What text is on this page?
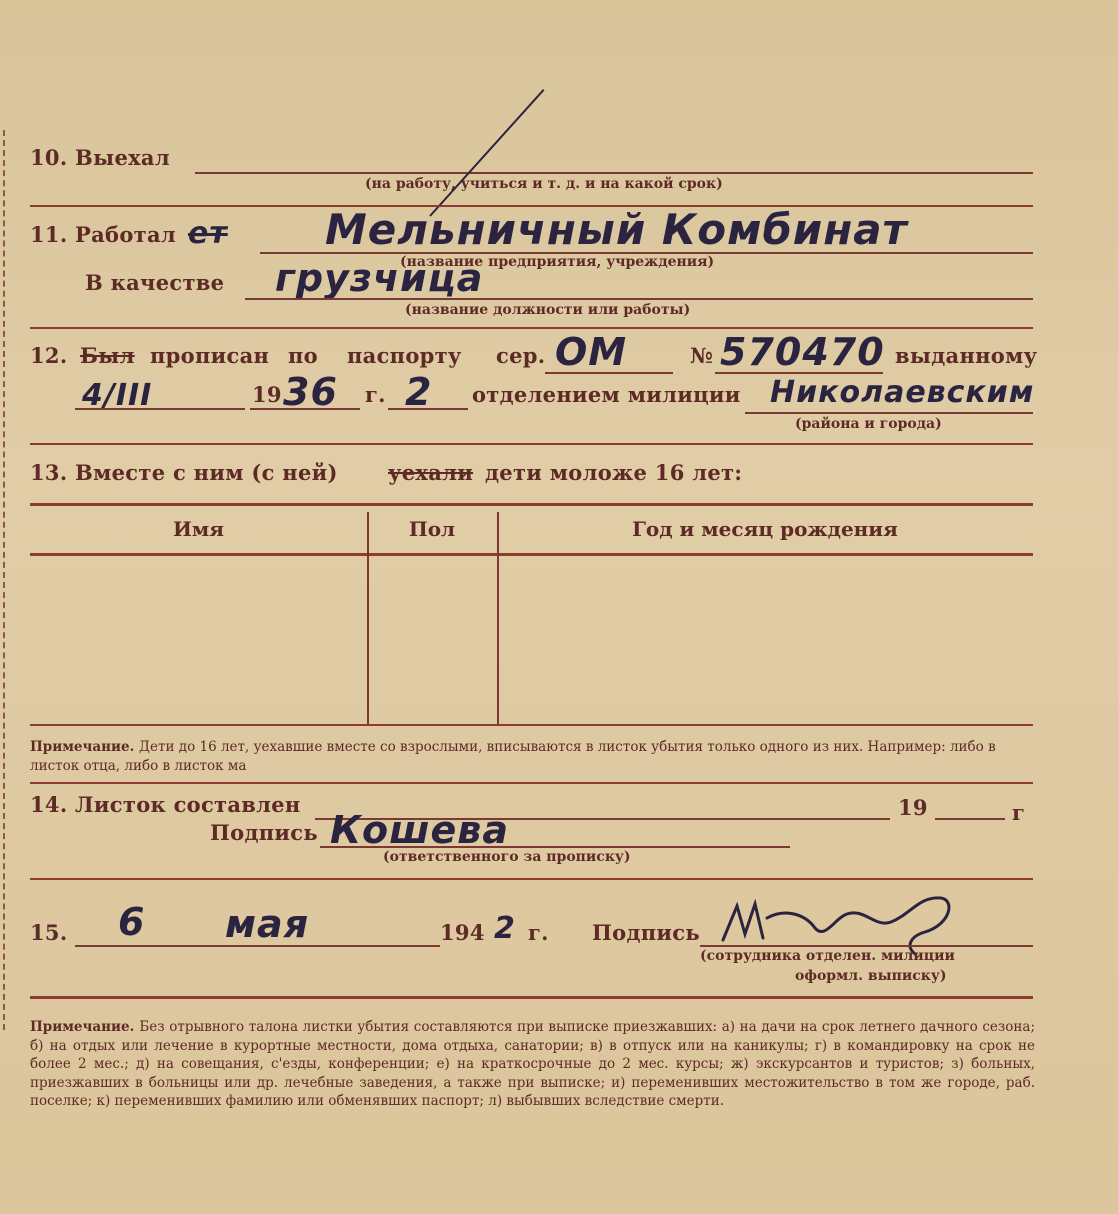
10. Выехал
(на работу, учиться и т. д. и на какой срок)
11. Работал ет Мельничный Комбинат
(название предприятия, учреждения)
В качестве грузчица
(название должности или работы)
12. Был прописан по паспорту сер. ОМ	№ 570470 выданному
4/III	19 36 г. 2 отделением милиции Николаевским
(района и города)
13. Вместе с ним (с ней) уехали дети моложе 16 лет:
Имя	Пол	Год и месяц рождения
Примечание. Дети до 16 лет, уехавшие вместе со взрослыми, вписываются в листок убытия только одного из них. Например: либо в листок отца, либо в листок ма
14. Листок составлен	19	г
Подпись Кошева
(ответственного за прописку)
15. 6 мая	194 2 г. Подпись
(сотрудника отделен. милиции
оформл. выписку)
Примечание. Без отрывного талона листки убытия составляются при выписке приезжавших: а) на дачи на срок летнего дачного сезона; б) на отдых или лечение в курортные местности, дома отдыха, санатории; в) в отпуск или на каникулы; г) в командировку на срок не более 2 мес.; д) на совещания, с'езды, конференции; е) на краткосрочные до 2 мес. курсы; ж) экскурсантов и туристов; з) больных, приезжавших в больницы или др. лечебные заведения, а также при выписке; и) переменивших местожительство в том же городе, раб. поселке; к) переменивших фамилию или обменявших паспорт; л) выбывших вследствие смерти.
